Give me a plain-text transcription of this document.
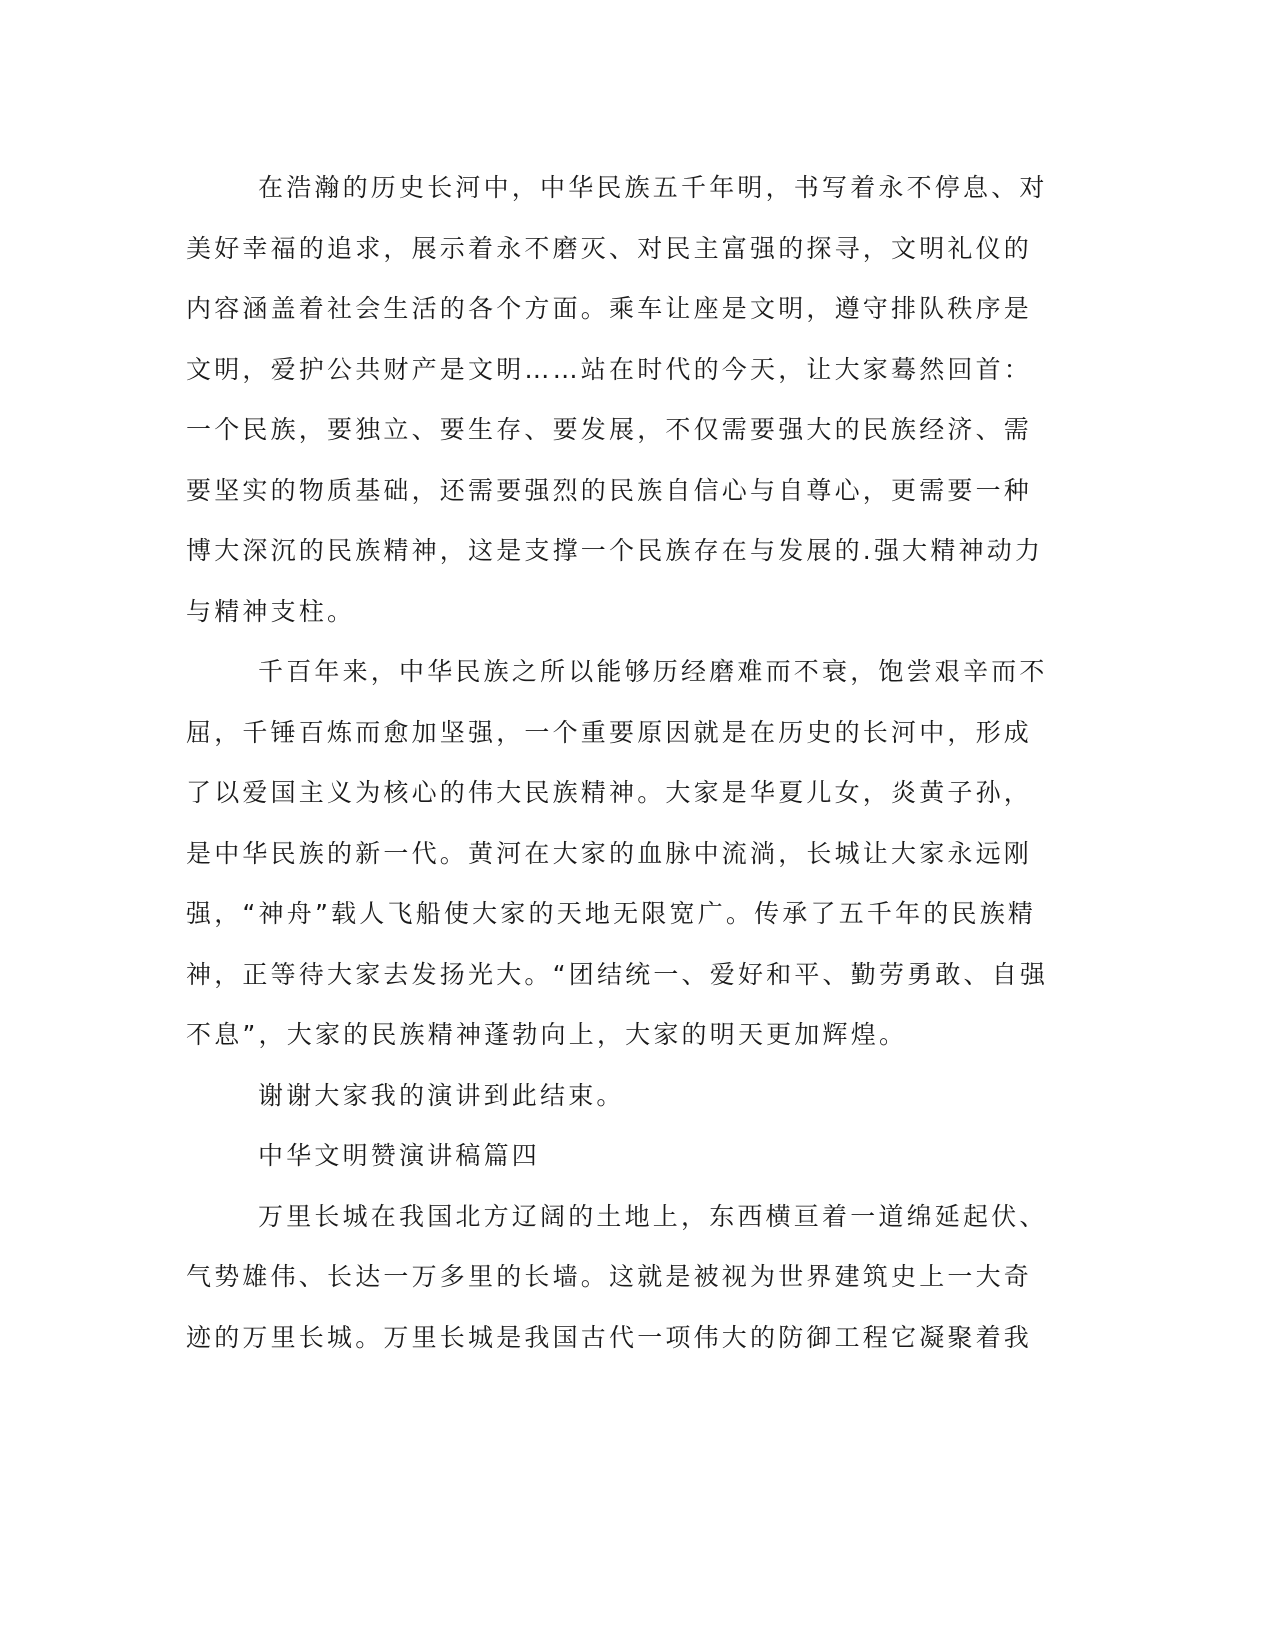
在浩瀚的历史长河中，中华民族五千年明，书写着永不停息、对
美好幸福的追求，展示着永不磨灭、对民主富强的探寻，文明礼仪的
内容涵盖着社会生活的各个方面。乘车让座是文明，遵守排队秩序是
文明，爱护公共财产是文明……站在时代的今天，让大家蓦然回首：
一个民族，要独立、要生存、要发展，不仅需要强大的民族经济、需
要坚实的物质基础，还需要强烈的民族自信心与自尊心，更需要一种
博大深沉的民族精神，这是支撑一个民族存在与发展的.强大精神动力
与精神支柱。
千百年来，中华民族之所以能够历经磨难而不衰，饱尝艰辛而不
屈，千锤百炼而愈加坚强，一个重要原因就是在历史的长河中，形成
了以爱国主义为核心的伟大民族精神。大家是华夏儿女，炎黄子孙，
是中华民族的新一代。黄河在大家的血脉中流淌，长城让大家永远刚
强，“神舟”载人飞船使大家的天地无限宽广。传承了五千年的民族精
神，正等待大家去发扬光大。“团结统一、爱好和平、勤劳勇敢、自强
不息”，大家的民族精神蓬勃向上，大家的明天更加辉煌。
谢谢大家我的演讲到此结束。
中华文明赞演讲稿篇四
万里长城在我国北方辽阔的土地上，东西横亘着一道绵延起伏、
气势雄伟、长达一万多里的长墙。这就是被视为世界建筑史上一大奇
迹的万里长城。万里长城是我国古代一项伟大的防御工程它凝聚着我
